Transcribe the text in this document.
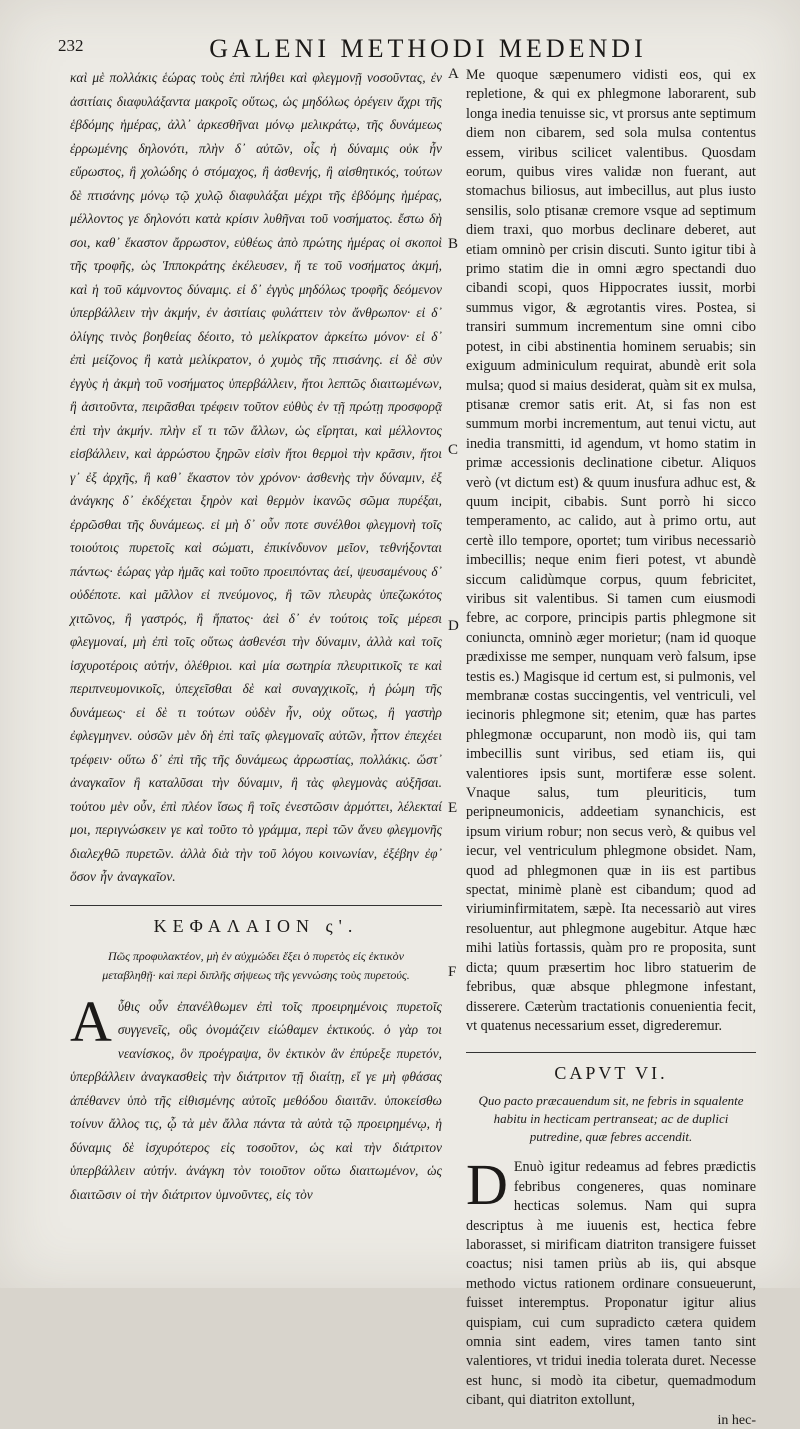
232	GALENI METHODI MEDENDI

καὶ μὲ πολλάκις ἑώρας τοὺς ἐπὶ πλήθει καὶ φλεγμονῇ νοσοῦντας, ἐν ἀσιτίαις διαφυλάξαντα μακροῖς οὕτως, ὡς μηδόλως ὀρέγειν ἄχρι τῆς ἑβδόμης ἡμέρας, ἀλλ᾽ ἀρκεσθῆναι μόνῳ μελικράτῳ, τῆς δυνάμεως ἐρρωμένης δηλονότι, πλὴν δ᾽ αὐτῶν, οἷς ἡ δύναμις οὐκ ἦν εὔρωστος, ἢ χολώδης ὁ στόμαχος, ἢ ἀσθενής, ἢ αἰσθητικός, τούτων δὲ πτισάνης μόνῳ τῷ χυλῷ διαφυλάξαι μέχρι τῆς ἑβδόμης ἡμέρας, μέλλοντος γε δηλονότι κατὰ κρίσιν λυθῆναι τοῦ νοσήματος. ἔστω δὴ σοι, καθ᾽ ἕκαστον ἄρρωστον, εὐθέως ἀπὸ πρώτης ἡμέρας οἱ σκοποὶ τῆς τροφῆς, ὡς Ἱπποκράτης ἐκέλευσεν, ἥ τε τοῦ νοσήματος ἀκμή, καὶ ἡ τοῦ κάμνοντος δύναμις. εἰ δ᾽ ἐγγὺς μηδόλως τροφῆς δεόμενον ὑπερβάλλειν τὴν ἀκμήν, ἐν ἀσιτίαις φυλάττειν τὸν ἄνθρωπον· εἰ δ᾽ ὀλίγης τινὸς βοηθείας δέοιτο, τὸ μελίκρατον ἀρκείτω μόνον· εἰ δ᾽ ἐπὶ μείζονος ἢ κατὰ μελίκρατον, ὁ χυμὸς τῆς πτισάνης. εἰ δὲ σὺν ἐγγὺς ἡ ἀκμὴ τοῦ νοσήματος ὑπερβάλλειν, ἤτοι λεπτῶς διαιτωμένων, ἢ ἀσιτοῦντα, πειρᾶσθαι τρέφειν τοῦτον εὐθὺς ἐν τῇ πρώτῃ προσφορᾷ ἐπὶ τὴν ἀκμήν. πλὴν εἴ τι τῶν ἄλλων, ὡς εἴρηται, καὶ μέλλοντος εἰσβάλλειν, καὶ ἀρρώστου ξηρῶν εἰσὶν ἤτοι θερμοὶ τὴν κρᾶσιν, ἤτοι γ᾽ ἐξ ἀρχῆς, ἢ καθ᾽ ἕκαστον τὸν χρόνον· ἀσθενὴς τὴν δύναμιν, ἐξ ἀνάγκης δ᾽ ἐκδέχεται ξηρὸν καὶ θερμὸν ἱκανῶς σῶμα πυρέξαι, ἐρρῶσθαι τῆς δυνάμεως. εἰ μὴ δ᾽ οὗν ποτε συνέλθοι φλεγμονὴ τοῖς τοιούτοις πυρετοῖς καὶ σώματι, ἐπικίνδυνον μεῖον, τεθνήξονται πάντως· ἑώρας γὰρ ἡμᾶς καὶ τοῦτο προειπόντας ἀεί, ψευσαμένους δ᾽ οὐδέποτε. καὶ μᾶλλον εἰ πνεύμονος, ἢ τῶν πλευρὰς ὑπεζωκότος χιτῶνος, ἢ γαστρός, ἢ ἥπατος· ἀεὶ δ᾽ ἐν τούτοις τοῖς μέρεσι φλεγμοναί, μὴ ἐπὶ τοῖς οὕτως ἀσθενέσι τὴν δύναμιν, ἀλλὰ καὶ τοῖς ἰσχυροτέροις αὐτήν, ὀλέθριοι. καὶ μία σωτηρία πλευριτικοῖς τε καὶ περιπνευμονικοῖς, ὑπεχεῖσθαι δὲ καὶ συναγχικοῖς, ἡ ῥώμη τῆς δυνάμεως· εἰ δὲ τι τούτων οὐδὲν ἦν, οὐχ οὕτως, ἢ γαστὴρ ἐφλεγμηνεν. οὐσῶν μὲν δὴ ἐπὶ ταῖς φλεγμοναῖς αὐτῶν, ἧττον ἐπεχέει τρέφειν· οὕτω δ᾽ ἐπὶ τῆς τῆς δυνάμεως ἀρρωστίας, πολλάκις. ὥστ᾽ ἀναγκαῖον ἢ καταλῦσαι τὴν δύναμιν, ἢ τὰς φλεγμονὰς αὐξῆσαι. τούτου μὲν οὖν, ἐπὶ πλέον ἴσως ἢ τοῖς ἐνεστῶσιν ἁρμόττει, λέλεκταί μοι, περιγνώσκειν γε καὶ τοῦτο τὸ γράμμα, περὶ τῶν ἄνευ φλεγμονῆς διαλεχθῶ πυρετῶν. ἀλλὰ διὰ τὴν τοῦ λόγου κοινωνίαν, ἐξέβην ἐφ᾽ ὅσον ἦν ἀναγκαῖον.

ΚΕΦΑΛΑΙΟΝ ς'.
Πῶς προφυλακτέον, μὴ ἐν αὐχμώδει ἕξει ὁ πυρετὸς εἰς ἑκτικὸν μεταβληθῇ· καὶ περὶ διπλῆς σήψεως τῆς γεννώσης τοὺς πυρετούς.
Α ὖθις οὖν ἐπανέλθωμεν ἐπὶ τοῖς προειρημένοις πυρετοῖς συγγενεῖς, οὓς ὀνομάζειν εἰώθαμεν ἑκτικούς. ὁ γὰρ τοι νεανίσκος, ὃν προέγραψα, ὃν ἑκτικὸν ἂν ἐπύρεξε πυρετόν, ὑπερβάλλειν ἀναγκασθεὶς τὴν διάτριτον τῇ διαίτῃ, εἴ γε μὴ φθάσας ἀπέθανεν ὑπὸ τῆς εἰθισμένης αὐτοῖς μεθόδου διαιτᾶν. ὑποκείσθω τοίνυν ἄλλος τις, ᾧ τὰ μὲν ἄλλα πάντα τὰ αὐτὰ τῷ προειρημένῳ, ἡ δύναμις δὲ ἰσχυρότερος εἰς τοσοῦτον, ὡς καὶ τὴν διάτριτον ὑπερβάλλειν αὐτήν. ἀνάγκη τὸν τοιοῦτον οὕτω διαιτωμένον, ὡς διαιτῶσιν οἱ τὴν διάτριτον ὑμνοῦντες, εἰς τὸν

A
B
C
D
E
F

Me quoque sæpenumero vidisti eos, qui ex repletione, & qui ex phlegmone laborarent, sub longa inedia tenuisse sic, vt prorsus ante septimum diem non cibarem, sed sola mulsa contentus essem, viribus scilicet valentibus. Quosdam eorum, quibus vires validæ non fuerant, aut stomachus biliosus, aut imbecillus, aut plus iusto sensilis, solo ptisanæ cremore vsque ad septimum diem traxi, quo morbus declinare deberet, aut etiam omninò per crisin discuti. Sunto igitur tibi à primo statim die in omni ægro spectandi duo cibandi scopi, quos Hippocrates iussit, morbi summus vigor, & ægrotantis vires. Postea, si transiri summum incrementum sine omni cibo potest, in cibi abstinentia hominem seruabis; sin exiguum adminiculum requirat, abundè erit sola mulsa; quod si maius desiderat, quàm sit ex mulsa, ptisanæ cremor satis erit. At, si fas non est summum morbi incrementum, aut tenui victu, aut inedia transmitti, id agendum, vt homo statim in primæ accessionis declinatione cibetur. Aliquos verò (vt dictum est) & quum inusfura adhuc est, & quum incipit, cibabis. Sunt porrò hi sicco temperamento, ac calido, aut à primo ortu, aut certè illo tempore, oportet; tum viribus necessariò imbecillis; neque enim fieri potest, vt abundè siccum calidùmque corpus, quum febricitet, viribus sit valentibus. Si tamen cum eiusmodi febre, ac corpore, principis partis phlegmone sit coniuncta, omninò æger morietur; (nam id quoque prædixisse me semper, nunquam verò falsum, ipse testis es.) Magisque id certum est, si pulmonis, vel membranæ costas succingentis, vel ventriculi, vel iecinoris phlegmone sit; etenim, quæ has partes phlegmonæ occuparunt, non modò iis, qui tam imbecillis sunt viribus, sed etiam iis, qui valentiores ipsis sunt, mortiferæ esse solent. Vnaque salus, tum pleuriticis, tum peripneumonicis, addeetiam synanchicis, est ipsum virium robur; non secus verò, & quibus vel iecur, vel ventriculum phlegmone obsidet. Nam, quod ad phlegmonen quæ in iis est partibus spectat, minimè planè est cibandum; quod ad viriuminfirmitatem, sæpè. Ita necessariò aut vires resoluentur, aut phlegmone augebitur. Atque hæc mihi latiùs fortassis, quàm pro re proposita, sunt dicta; quum præsertim hoc libro statuerim de febribus, quæ absque phlegmone infestant, disserere. Cæterùm tractationis conuenientia fecit, vt quatenus necessarium esset, digrederemur.

CAPVT VI.
Quo pacto præcauendum sit, ne febris in squalente habitu in hecticam pertranseat; ac de duplici putredine, quæ febres accendit.
D Enuò igitur redeamus ad febres prædictis febribus congeneres, quas nominare hecticas solemus. Nam qui supra descriptus à me iuuenis est, hectica febre laborasset, si mirificam diatriton transigere fuisset coactus; nisi tamen priùs ab iis, qui absque methodo victus rationem ordinare consueuerunt, fuisset interemptus. Proponatur igitur alius quispiam, cui cum supradicto cætera quidem omnia sint eadem, vires tamen tanto sint valentiores, vt tridui inedia tolerata duret. Necesse est hunc, si modò ita cibetur, quemadmodum cibant, qui diatriton extollunt,

in hec-
